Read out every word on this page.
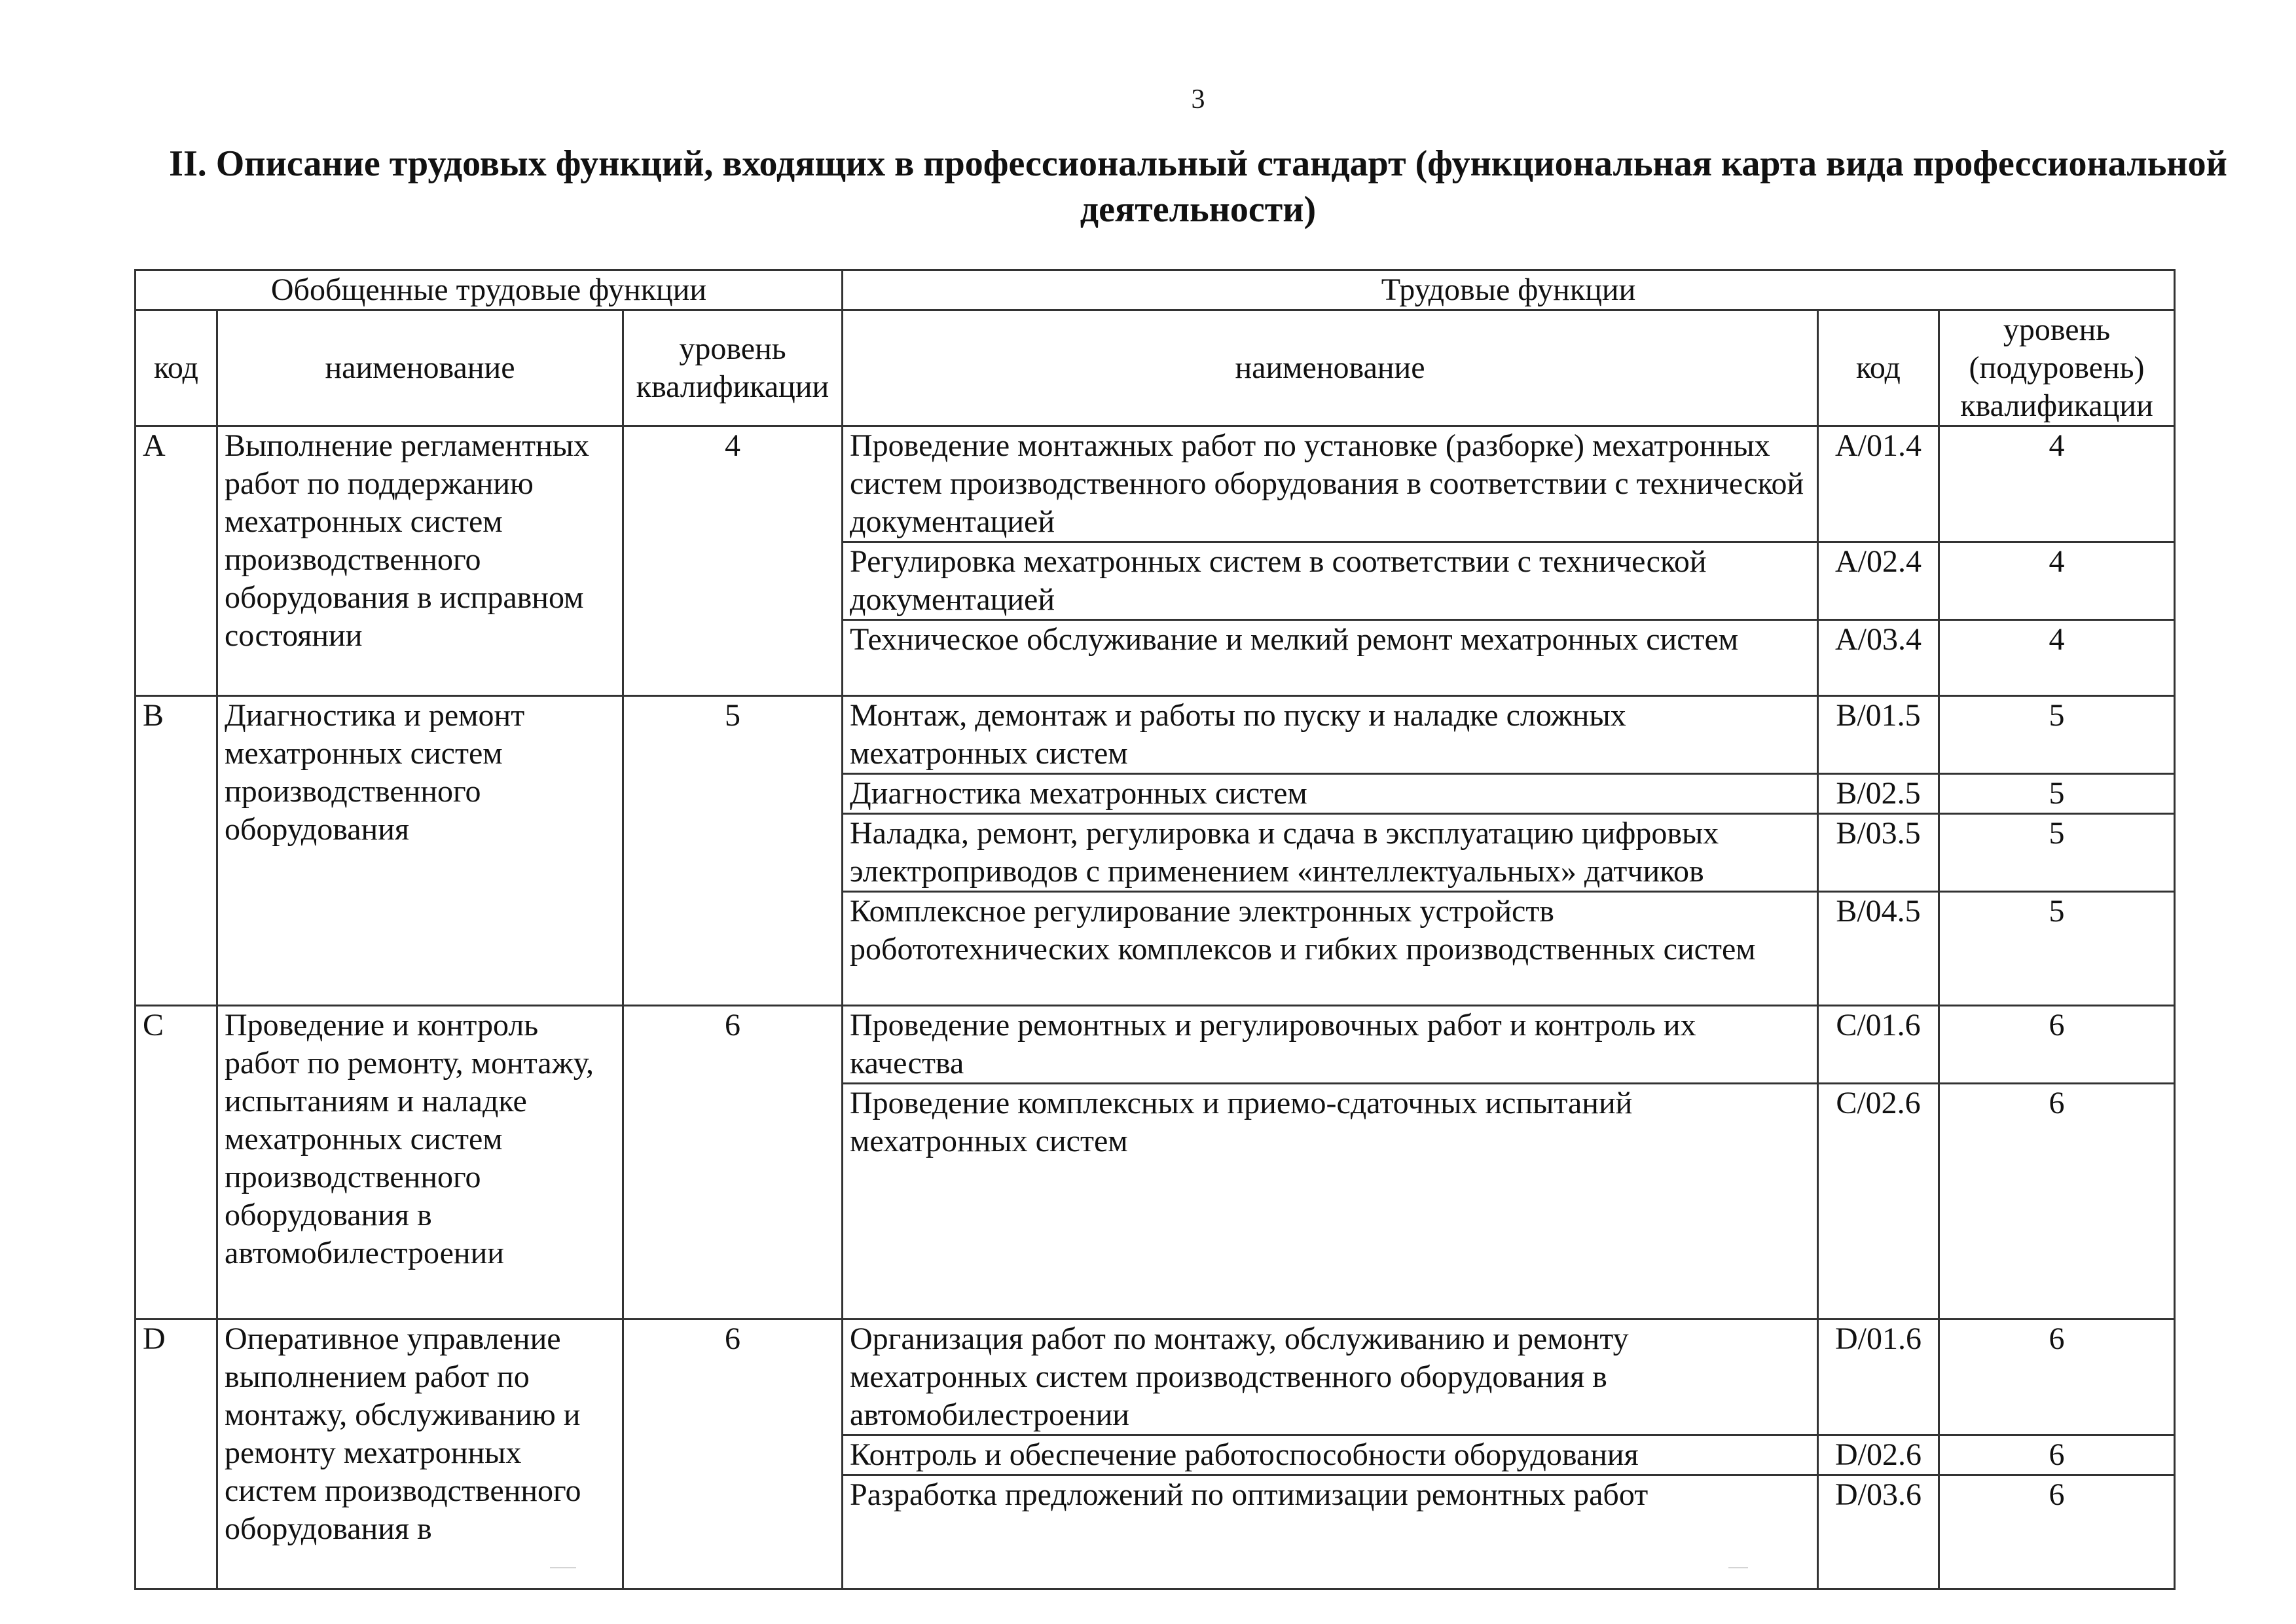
3
II. Описание трудовых функций, входящих в профессиональный стандарт (функциональная карта вида профессиональной деятельности)
Обобщенные трудовые функции			Трудовые функции		
код	наименование	уровень квалификации	наименование	код	уровень (подуровень) квалификации
A	Выполнение регламентных работ по поддержанию мехатронных систем производственного оборудования в исправном состоянии	4	Проведение монтажных работ по установке (разборке) мехатронных систем производственного оборудования в соответствии с технической документацией	A/01.4	4
			Регулировка мехатронных систем в соответствии с технической документацией	A/02.4	4
			Техническое обслуживание и мелкий ремонт мехатронных систем	A/03.4	4
B	Диагностика и ремонт мехатронных систем производственного оборудования	5	Монтаж, демонтаж и работы по пуску и наладке сложных мехатронных систем	B/01.5	5
			Диагностика мехатронных систем	B/02.5	5
			Наладка, ремонт, регулировка и сдача в эксплуатацию цифровых электроприводов с применением «интеллектуальных» датчиков	B/03.5	5
			Комплексное регулирование электронных устройств робототехнических комплексов и гибких производственных систем	B/04.5	5
C	Проведение и контроль работ по ремонту, монтажу, испытаниям и наладке мехатронных систем производственного оборудования в автомобилестроении	6	Проведение ремонтных и регулировочных работ и контроль их качества	C/01.6	6
			Проведение комплексных и приемо-сдаточных испытаний мехатронных систем	C/02.6	6
D	Оперативное управление выполнением работ по монтажу, обслуживанию и ремонту мехатронных систем производственного оборудования в	6	Организация работ по монтажу, обслуживанию и ремонту мехатронных систем производственного оборудования в автомобилестроении	D/01.6	6
			Контроль и обеспечение работоспособности оборудования	D/02.6	6
			Разработка предложений по оптимизации ремонтных работ	D/03.6	6
